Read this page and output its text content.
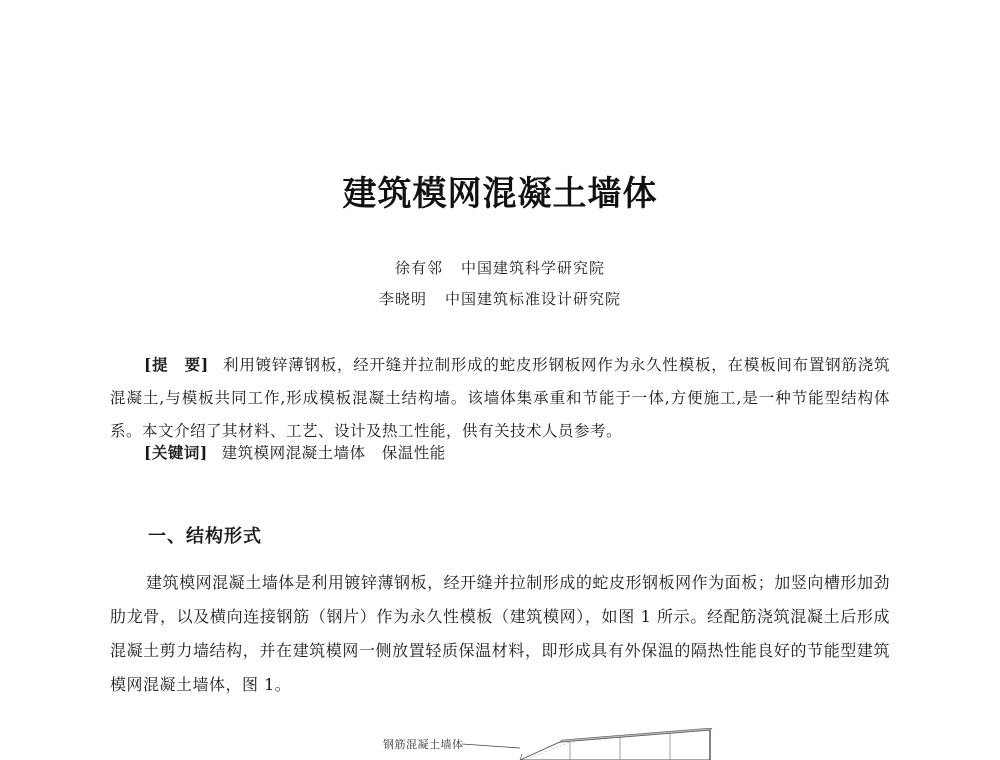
建筑模网混凝土墙体
徐有邻 中国建筑科学研究院
李晓明 中国建筑标准设计研究院
[提　要] 利用镀锌薄钢板，经开缝并拉制形成的蛇皮形钢板网作为永久性模板，在模板间布置钢筋浇筑混凝土,与模板共同工作,形成模板混凝土结构墙。该墙体集承重和节能于一体,方便施工,是一种节能型结构体系。本文介绍了其材料、工艺、设计及热工性能，供有关技术人员参考。
[关键词] 建筑模网混凝土墙体 保温性能
一、结构形式
建筑模网混凝土墙体是利用镀锌薄钢板，经开缝并拉制形成的蛇皮形钢板网作为面板；加竖向槽形加劲肋龙骨，以及横向连接钢筋（钢片）作为永久性模板（建筑模网），如图 1 所示。经配筋浇筑混凝土后形成混凝土剪力墙结构，并在建筑模网一侧放置轻质保温材料，即形成具有外保温的隔热性能良好的节能型建筑模网混凝土墙体，图 1。
钢筋混凝土墙体
